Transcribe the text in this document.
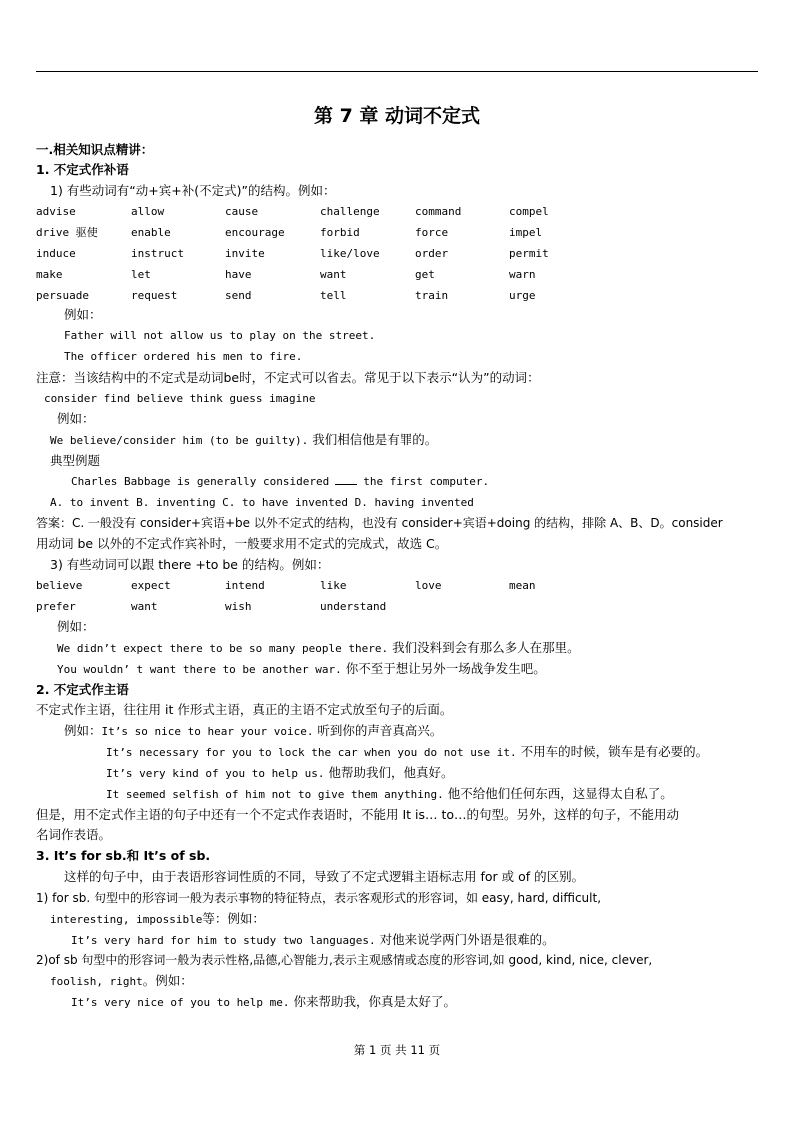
第 7 章 动词不定式
一.相关知识点精讲：
1. 不定式作补语
1) 有些动词有“动+宾+补(不定式)”的结构。例如：
advise	allow	cause	challenge	command	compel
drive 驱使	enable	encourage	forbid	force	impel
induce	instruct	invite	like/love	order	permit
make	let	have	want	get	warn
persuade	request	send	tell	train	urge
例如：
Father will not allow us to play on the street.
The officer ordered his men to fire.
注意：当该结构中的不定式是动词be时，不定式可以省去。常见于以下表示“认为”的动词：
consider find believe think guess imagine
例如：
We believe/consider him (to be guilty). 我们相信他是有罪的。
典型例题
Charles Babbage is generally considered	the first computer.
A. to invent B. inventing C. to have invented D. having invented
答案：C. 一般没有 consider+宾语+be 以外不定式的结构，也没有 consider+宾语+doing 的结构，排除 A、B、D。consider
用动词 be 以外的不定式作宾补时，一般要求用不定式的完成式，故选 C。
3) 有些动词可以跟 there +to be 的结构。例如：
believe	expect	intend	like	love	mean
prefer	want	wish	understand
例如：
We didn’t expect there to be so many people there. 我们没料到会有那么多人在那里。
You wouldn’ t want there to be another war. 你不至于想让另外一场战争发生吧。
2. 不定式作主语
不定式作主语，往往用 it 作形式主语，真正的主语不定式放至句子的后面。
例如：It’s so nice to hear your voice. 听到你的声音真高兴。
It’s necessary for you to lock the car when you do not use it. 不用车的时候，锁车是有必要的。
It’s very kind of you to help us. 他帮助我们，他真好。
It seemed selfish of him not to give them anything. 他不给他们任何东西，这显得太自私了。
但是，用不定式作主语的句子中还有一个不定式作表语时，不能用 It is… to…的句型。另外，这样的句子，不能用动
名词作表语。
3. It’s for sb.和 It’s of sb.
这样的句子中，由于表语形容词性质的不同，导致了不定式逻辑主语标志用 for 或 of 的区别。
1) for sb. 句型中的形容词一般为表示事物的特征特点，表示客观形式的形容词，如 easy, hard, difficult,
interesting, impossible等：例如：
It’s very hard for him to study two languages. 对他来说学两门外语是很难的。
2)of sb 句型中的形容词一般为表示性格,品德,心智能力,表示主观感情或态度的形容词,如 good, kind, nice, clever,
foolish, right。例如：
It’s very nice of you to help me. 你来帮助我，你真是太好了。
第 1 页 共 11 页
